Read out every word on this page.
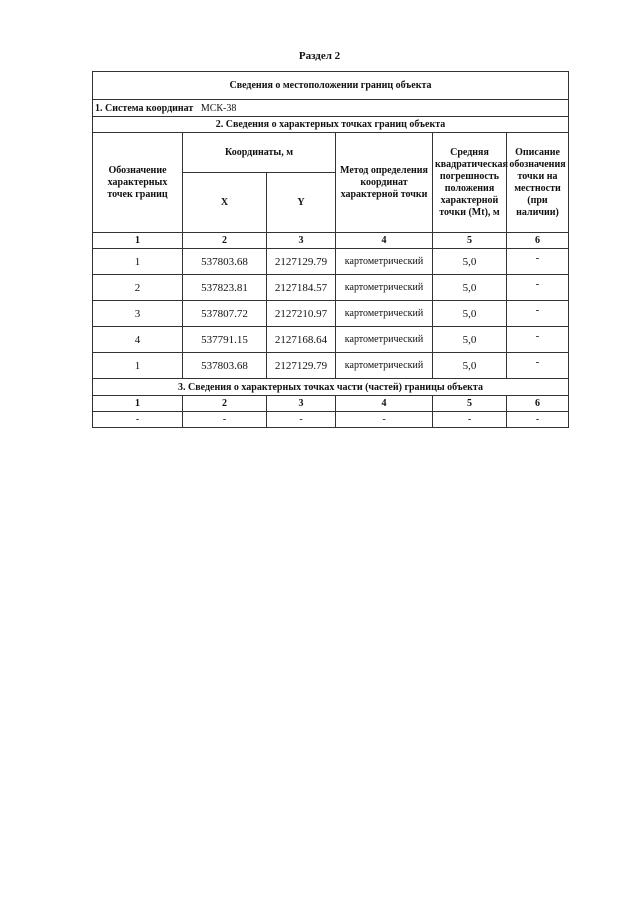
Раздел 2
Сведения о местоположении границ объекта					
1. Система координат МСК-38					
2. Сведения о характерных точках границ объекта					
Обозначение характерных точек границ	Координаты, м		Метод определения координат характерной точки	Средняя квадратическая погрешность положения характерной точки (Mt), м	Описание обозначения точки на местности (при наличии)
	X	Y			
1	2	3	4	5	6
1	537803.68	2127129.79	картометрический	5,0	-
2	537823.81	2127184.57	картометрический	5,0	-
3	537807.72	2127210.97	картометрический	5,0	-
4	537791.15	2127168.64	картометрический	5,0	-
1	537803.68	2127129.79	картометрический	5,0	-
3. Сведения о характерных точках части (частей) границы объекта					
1	2	3	4	5	6
-	-	-	-	-	-
